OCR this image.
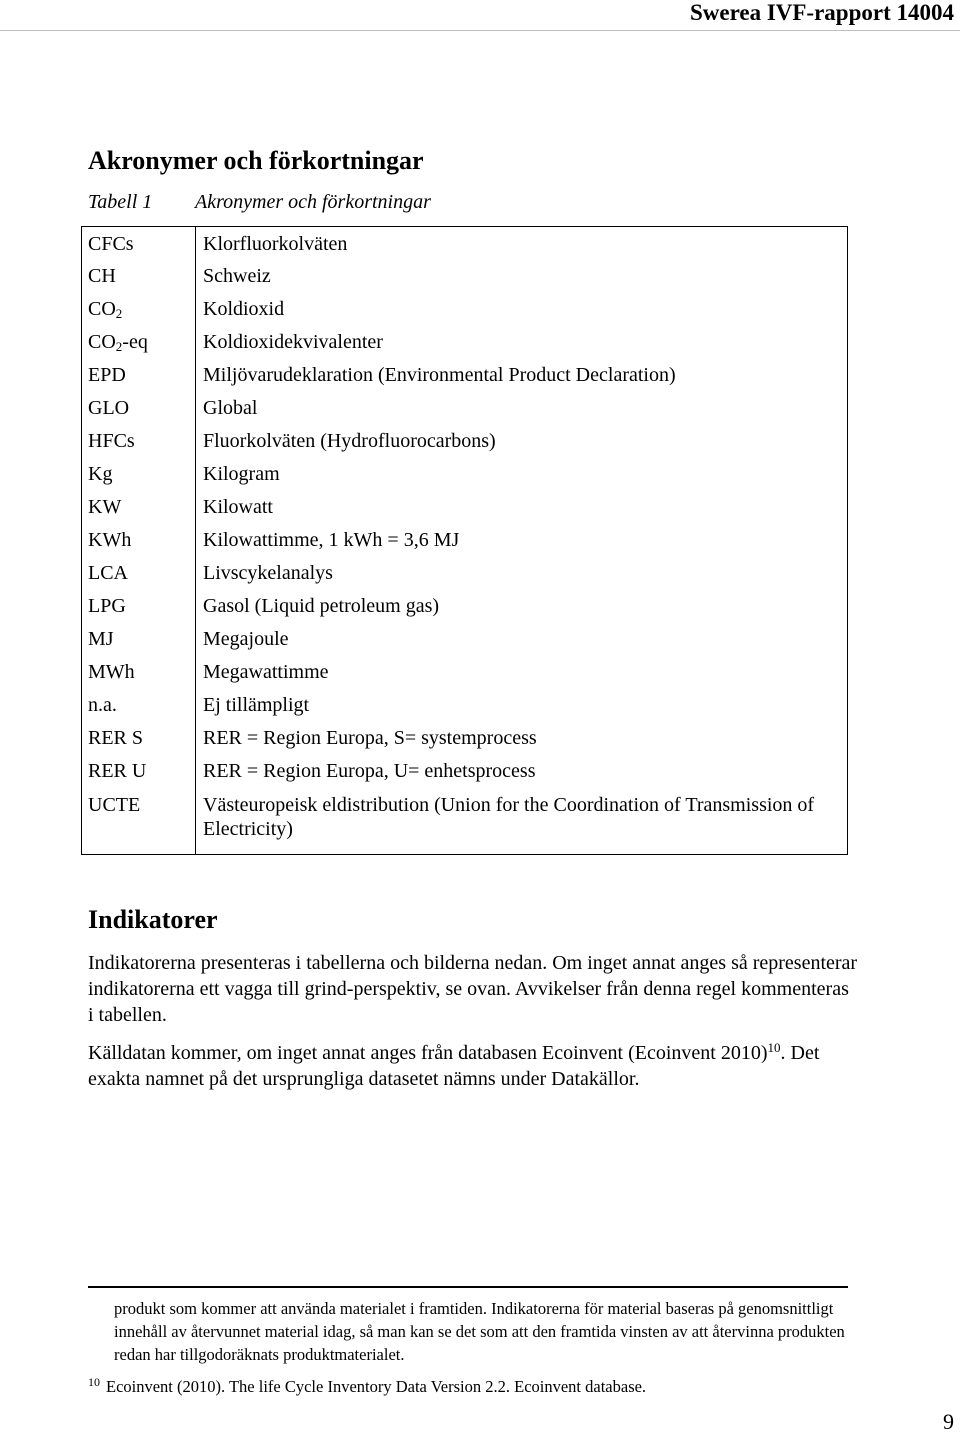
Swerea IVF-rapport 14004
Akronymer och förkortningar
Tabell 1 Akronymer och förkortningar
CFCs	Klorfluorkolväten
CH	Schweiz
$CO_2$	Koldioxid
$CO_2-eq$	Koldioxidekvivalenter
EPD	Miljövarudeklaration (Environmental Product Declaration)
GLO	Global
HFCs	Fluorkolväten (Hydrofluorocarbons)
Kg	Kilogram
KW	Kilowatt
KWh	Kilowattimme, 1 kWh = 3,6 MJ
LCA	Livscykelanalys
LPG	Gasol (Liquid petroleum gas)
MJ	Megajoule
MWh	Megawattimme
n.a.	Ej tillämpligt
RER S	RER = Region Europa, S= systemprocess
RER U	RER = Region Europa, U= enhetsprocess
UCTE	Västeuropeisk eldistribution (Union for the Coordination of Transmission of Electricity)
Indikatorer

Indikatorerna presenteras i tabellerna och bilderna nedan. Om inget annat anges så representerar indikatorerna ett vagga till grind-perspektiv, se ovan. Avvikelser från denna regel kommenteras i tabellen.

Källdatan kommer, om inget annat anges från databasen Ecoinvent (Ecoinvent 2010)$^{10}$. Det exakta namnet på det ursprungliga datasetet nämns under Datakällor.

produkt som kommer att använda materialet i framtiden. Indikatorerna för material baseras på genomsnittligt innehåll av återvunnet material idag, så man kan se det som att den framtida vinsten av att återvinna produkten redan har tillgodoräknats produktmaterialet.

$^{10}$ Ecoinvent (2010). The life Cycle Inventory Data Version 2.2. Ecoinvent database.
9
